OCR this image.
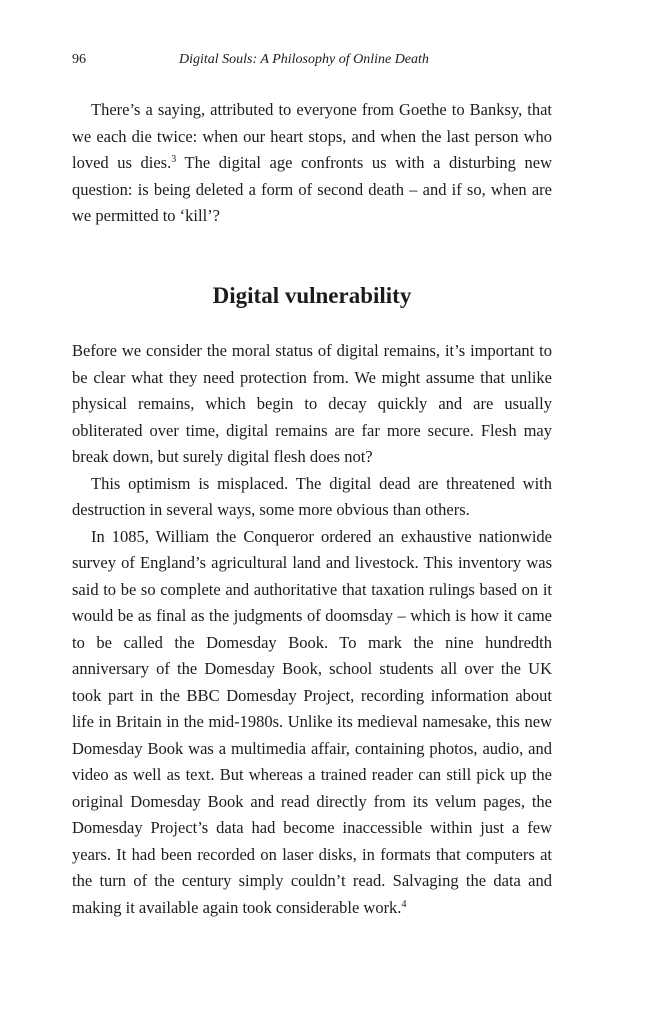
96	Digital Souls: A Philosophy of Online Death

There’s a saying, attributed to everyone from Goethe to Banksy, that we each die twice: when our heart stops, and when the last person who loved us dies.$^3$ The digital age confronts us with a disturbing new question: is being deleted a form of second death – and if so, when are we permitted to ‘kill’?

Digital vulnerability

Before we consider the moral status of digital remains, it’s important to be clear what they need protection from. We might assume that unlike physical remains, which begin to decay quickly and are usually obliterated over time, digital remains are far more secure. Flesh may break down, but surely digital flesh does not?

This optimism is misplaced. The digital dead are threatened with destruction in several ways, some more obvious than others.

In 1085, William the Conqueror ordered an exhaustive nationwide survey of England’s agricultural land and livestock. This inventory was said to be so complete and authoritative that taxation rulings based on it would be as final as the judgments of doomsday – which is how it came to be called the Domesday Book. To mark the nine hundredth anniversary of the Domesday Book, school students all over the UK took part in the BBC Domesday Project, recording information about life in Britain in the mid-1980s. Unlike its medieval namesake, this new Domesday Book was a multimedia affair, containing photos, audio, and video as well as text. But whereas a trained reader can still pick up the original Domesday Book and read directly from its velum pages, the Domesday Project’s data had become inaccessible within just a few years. It had been recorded on laser disks, in formats that computers at the turn of the century simply couldn’t read. Salvaging the data and making it available again took considerable work.$^4$
